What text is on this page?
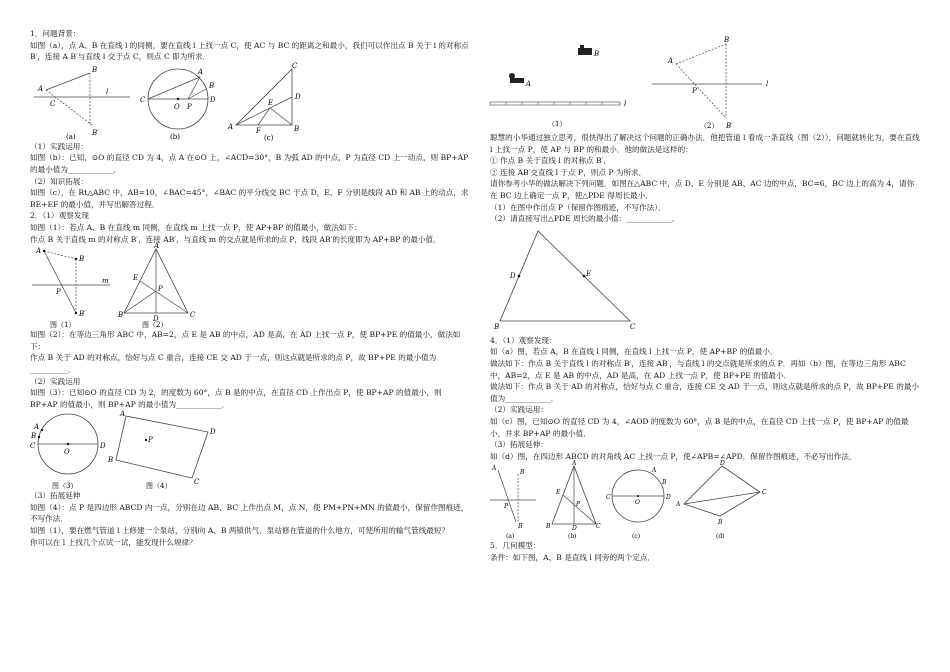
1．问题背景：

如图（a），点 A、B 在直线 l 的同侧，要在直线 l 上找一点 C，使 AC 与 BC 的距离之和最小，我们可以作出点 B 关于 l 的对称点 B′，连接 A B′与直线 l 交于点 C，则点 C 即为所求．

A
B
C
B′
l
(a)
C	D
A
B
O P
(b)
A
C
D
B
E
F
(c)

（1）实践运用：

如图（b）：已知，⊙O 的直径 CD 为 4，点 A 在⊙O 上，∠ACD=30°，B 为弧 AD 的中点，P 为直径 CD 上一动点，则 BP+AP 的最小值为____________．

（2）知识拓展：

如图（c），在 Rt△ABC 中，AB=10，∠BAC=45°，∠BAC 的平分线交 BC 于点 D，E、F 分别是线段 AD 和 AB 上的动点，求 BE+EF 的最小值，并写出解答过程．

2．（1）观察发现

如图（1）：若点 A、B 在直线 m 同侧，在直线 m 上找一点 P，使 AP+BP 的值最小，做法如下：

作点 B 关于直线 m 的对称点 B′，连接 AB′，与直线 m 的交点就是所求的点 P，线段 AB′的长度即为 AP+BP 的最小值．

A
B
B′
P
m
图（1）
A
B	C
D
E
P
图（2）

如图（2）：在等边三角形 ABC 中，AB=2，点 E 是 AB 的中点，AD 是高，在 AD 上找一点 P，使 BP+PE 的值最小，做法如下：

作点 B 关于 AD 的对称点，恰好与点 C 重合，连接 CE 交 AD 于一点，则这点就是所求的点 P，故 BP+PE 的最小值为__________．

（2）实践运用

如图（3）：已知⊙O 的直径 CD 为 2，的度数为 60°，点 B 是的中点，在直径 CD 上作出点 P，使 BP+AP 的值最小，则 BP+AP 的值最小，则 BP+AP 的最小值为____________．

A
B
C	D
O
图（3）
P
A
D
C
B
图（4）

（3）拓展延伸

如图（4）：点 P 是四边形 ABCD 内一点，分别在边 AB、BC 上作出点 M，点 N，使 PM+PN+MN 的值最小，保留作图痕迹，不写作法．

如图（1），要在燃气管道 l 上修建一个泵站，分别向 A、B 两镇供气．泵站修在管道的什么地方，可使所用的输气管线最短？

你可以在 l 上找几个点试一试，能发现什么规律？

B
A
l
（1）
A
B
P
l
B′
（2）

聪慧的小华通过独立思考，很快得出了解决这个问题的正确办法．他把管道 l 看成一条直线（图（2）），问题就转化为，要在直线 l 上找一点 P，使 AP 与 BP 的和最小．他的做法是这样的：

① 作点 B 关于直线 l 的对称点 B′．

② 连接 AB′交直线 l 于点 P，则点 P 为所求．

请你参考小华的做法解决下列问题．如图在△ABC 中，点 D、E 分别是 AB、AC 边的中点，BC=6，BC 边上的高为 4，请你在 BC 边上确定一点 P，使△PDE 得周长最小．

（1）在图中作出点 P（保留作图痕迹，不写作法）．

（2）请直接写出△PDE 周长的最小值：____________．

D	E
B	C

4．（1）观察发现：

如（a）图，若点 A，B 在直线 l 同侧，在直线 l 上找一点 P，使 AP+BP 的值最小．

做法如下：作点 B 关于直线 l 的对称点 B′，连接 AB′，与直线 l 的交点就是所求的点 P．再如（b）图，在等边三角形 ABC 中，AB=2，点 E 是 AB 的中点，AD 是高，在 AD 上找一点 P，使 BP+PE 的值最小．

做法如下：作点 B 关于 AD 的对称点，恰好与点 C 重合，连接 CE 交 AD 于一点，则这点就是所求的点 P，故 BP+PE 的最小值为____________．

（2）实践运用：

如（c）图，已知⊙O 的直径 CD 为 4，∠AOD 的度数为 60°，点 B 是的中点，在直径 CD 上找一点 P，使 BP+AP 的值最小，并求 BP+AP 的最小值．

（3）拓展延伸：

如（d）图，在四边形 ABCD 的对角线 AC 上找一点 P，使∠APB=∠APD．保留作图痕迹，不必写出作法．

A
B
P
B′
(a)
A
B	C
D
E
P
(b)
C	D
A
B
O
(c)
D
C
B
A
(d)

5．几何模型：

条件：如下图，A、B 是直线 l 同旁的两个定点．
